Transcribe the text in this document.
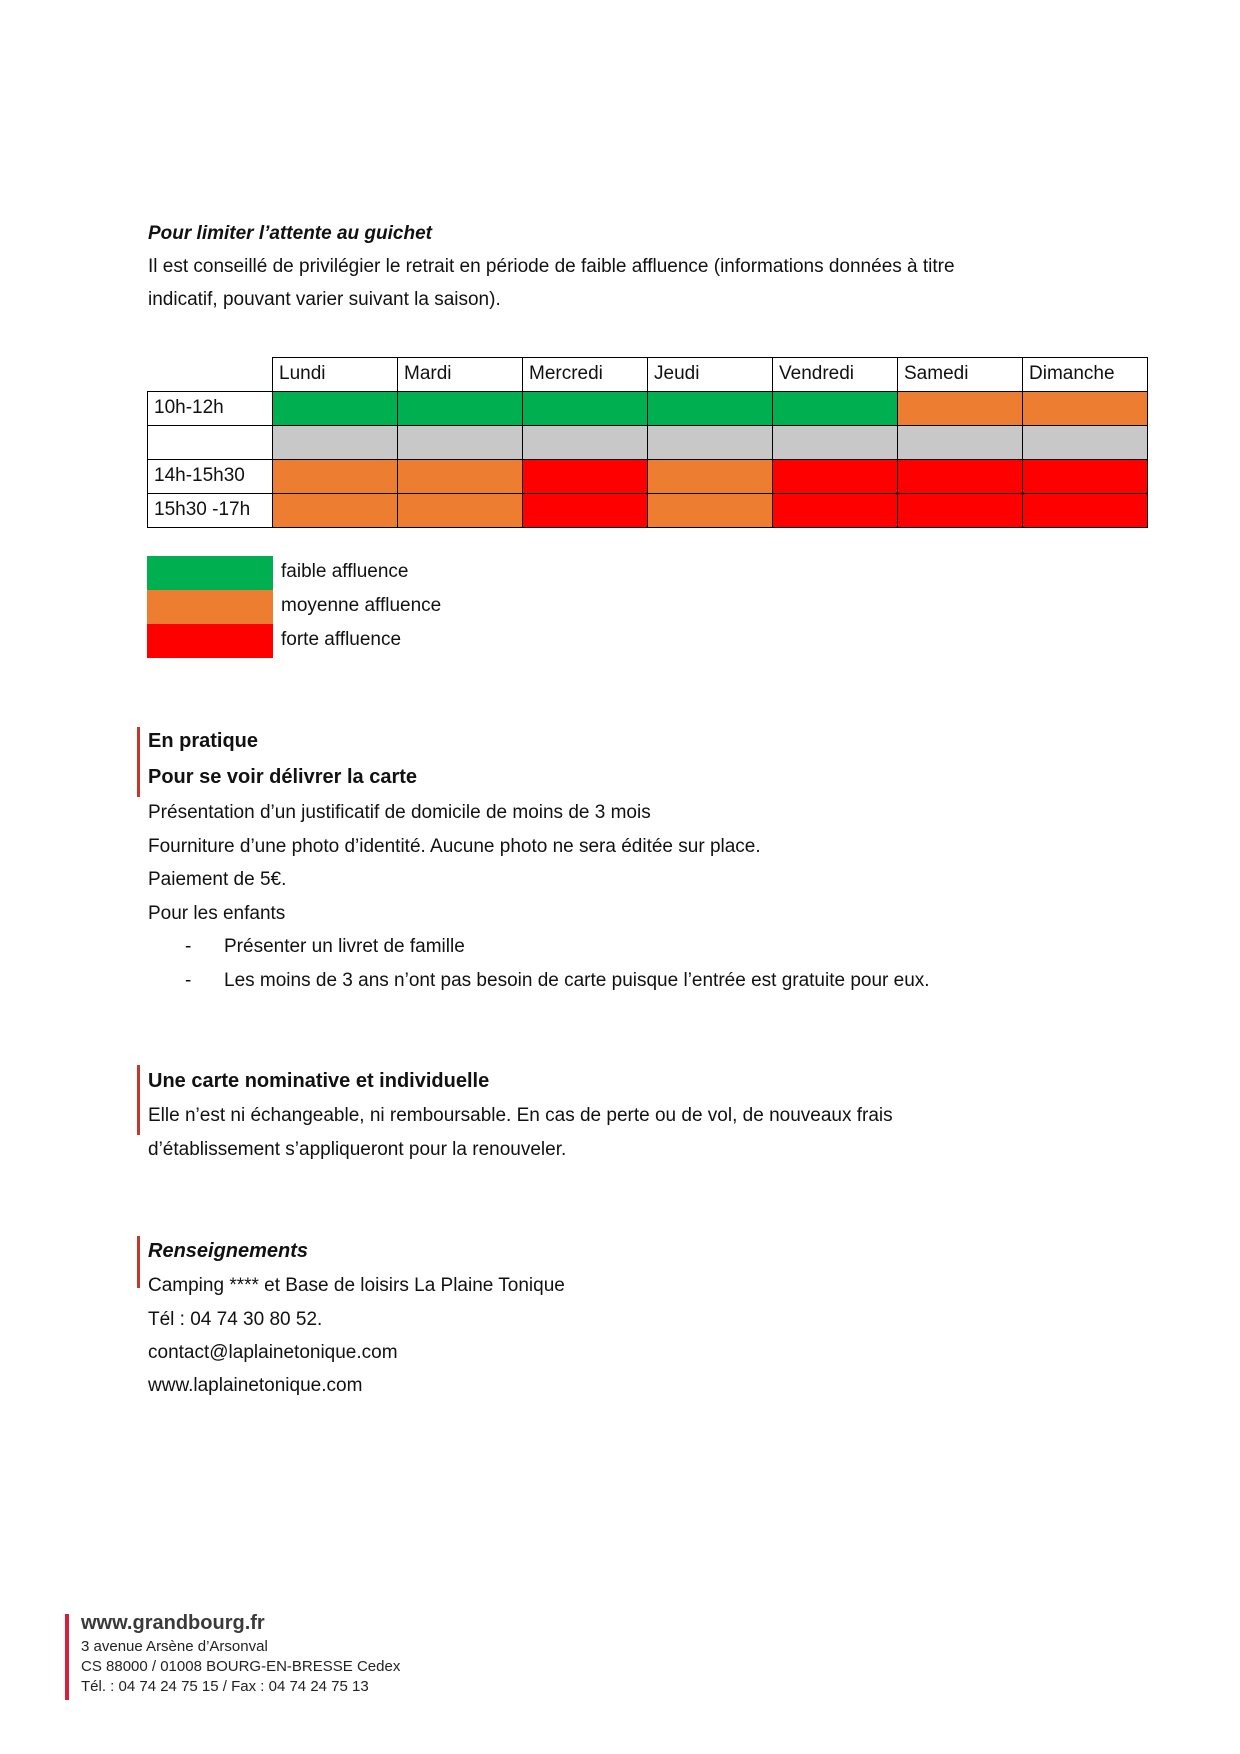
Pour limiter l’attente au guichet
Il est conseillé de privilégier le retrait en période de faible affluence (informations données à titre
indicatif, pouvant varier suivant la saison).
	Lundi	Mardi	Mercredi	Jeudi	Vendredi	Samedi	Dimanche
10h-12h							

14h-15h30							
15h30 -17h							
faible affluence
moyenne affluence
forte affluence
En pratique
Pour se voir délivrer la carte
Présentation d’un justificatif de domicile de moins de 3 mois
Fourniture d’une photo d’identité. Aucune photo ne sera éditée sur place.
Paiement de 5€.
Pour les enfants
- Présenter un livret de famille
- Les moins de 3 ans n’ont pas besoin de carte puisque l’entrée est gratuite pour eux.
Une carte nominative et individuelle
Elle n’est ni échangeable, ni remboursable. En cas de perte ou de vol, de nouveaux frais
d’établissement s’appliqueront pour la renouveler.
Renseignements
Camping **** et Base de loisirs La Plaine Tonique
Tél : 04 74 30 80 52.
contact@laplainetonique.com
www.laplainetonique.com
www.grandbourg.fr
3 avenue Arsène d’Arsonval
CS 88000 / 01008 BOURG-EN-BRESSE Cedex
Tél. : 04 74 24 75 15 / Fax : 04 74 24 75 13
